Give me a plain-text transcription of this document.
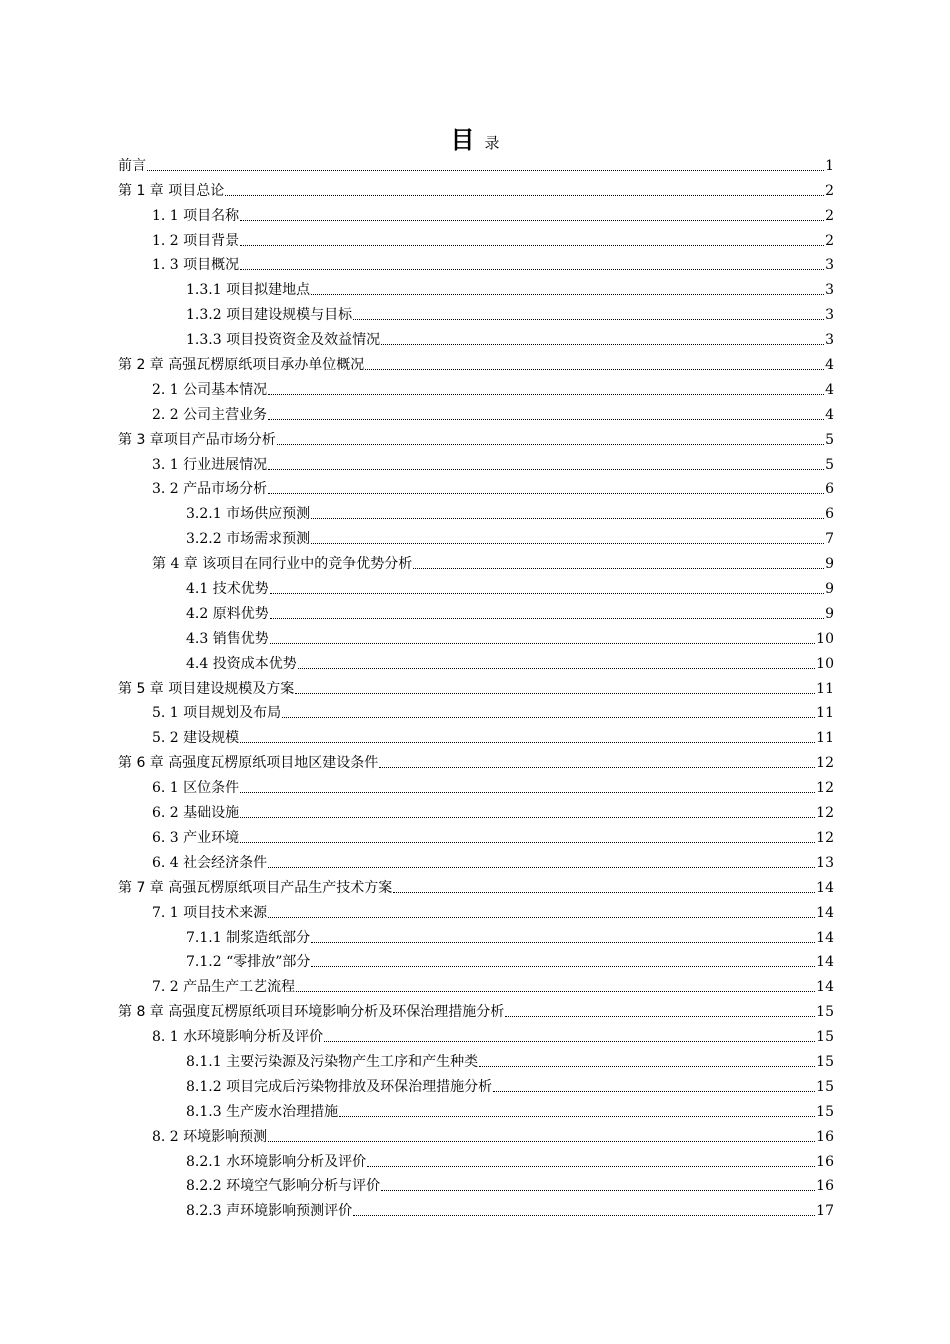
目录
前言	1
第 1 章 项目总论	2
1. 1 项目名称	2
1. 2 项目背景	2
1. 3 项目概况	3
1.3.1 项目拟建地点	3
1.3.2 项目建设规模与目标	3
1.3.3 项目投资资金及效益情况	3
第 2 章 高强瓦楞原纸项目承办单位概况	4
2. 1 公司基本情况	4
2. 2 公司主营业务	4
第 3 章项目产品市场分析	5
3. 1 行业进展情况	5
3. 2 产品市场分析	6
3.2.1 市场供应预测	6
3.2.2 市场需求预测	7
第 4 章 该项目在同行业中的竞争优势分析	9
4.1 技术优势	9
4.2 原料优势	9
4.3 销售优势	10
4.4 投资成本优势	10
第 5 章 项目建设规模及方案	11
5. 1 项目规划及布局	11
5. 2 建设规模	11
第 6 章 高强度瓦楞原纸项目地区建设条件	12
6. 1 区位条件	12
6. 2 基础设施	12
6. 3 产业环境	12
6. 4 社会经济条件	13
第 7 章 高强瓦楞原纸项目产品生产技术方案	14
7. 1 项目技术来源	14
7.1.1 制浆造纸部分	14
7.1.2 “零排放”部分	14
7. 2 产品生产工艺流程	14
第 8 章 高强度瓦楞原纸项目环境影响分析及环保治理措施分析	15
8. 1 水环境影响分析及评价	15
8.1.1 主要污染源及污染物产生工序和产生种类	15
8.1.2 项目完成后污染物排放及环保治理措施分析	15
8.1.3 生产废水治理措施	15
8. 2 环境影响预测	16
8.2.1 水环境影响分析及评价	16
8.2.2 环境空气影响分析与评价	16
8.2.3 声环境影响预测评价	17
